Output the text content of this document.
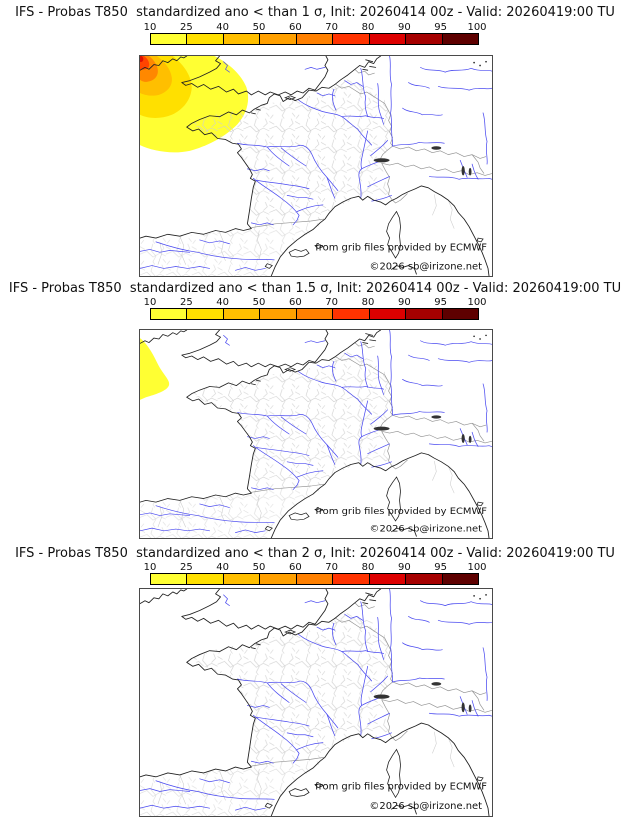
IFS - Probas T850  standardized ano < than 1 σ, Init: 20260414 00z - Valid: 20260419:00 TU
10 25 40 50 60 70 80 90 95 100
from grib files provided by ECMWF
©2026 sb@irizone.net
IFS - Probas T850  standardized ano < than 1.5 σ, Init: 20260414 00z - Valid: 20260419:00 TU
10 25 40 50 60 70 80 90 95 100
from grib files provided by ECMWF
©2026 sb@irizone.net
IFS - Probas T850  standardized ano < than 2 σ, Init: 20260414 00z - Valid: 20260419:00 TU
10 25 40 50 60 70 80 90 95 100
from grib files provided by ECMWF
©2026 sb@irizone.net
